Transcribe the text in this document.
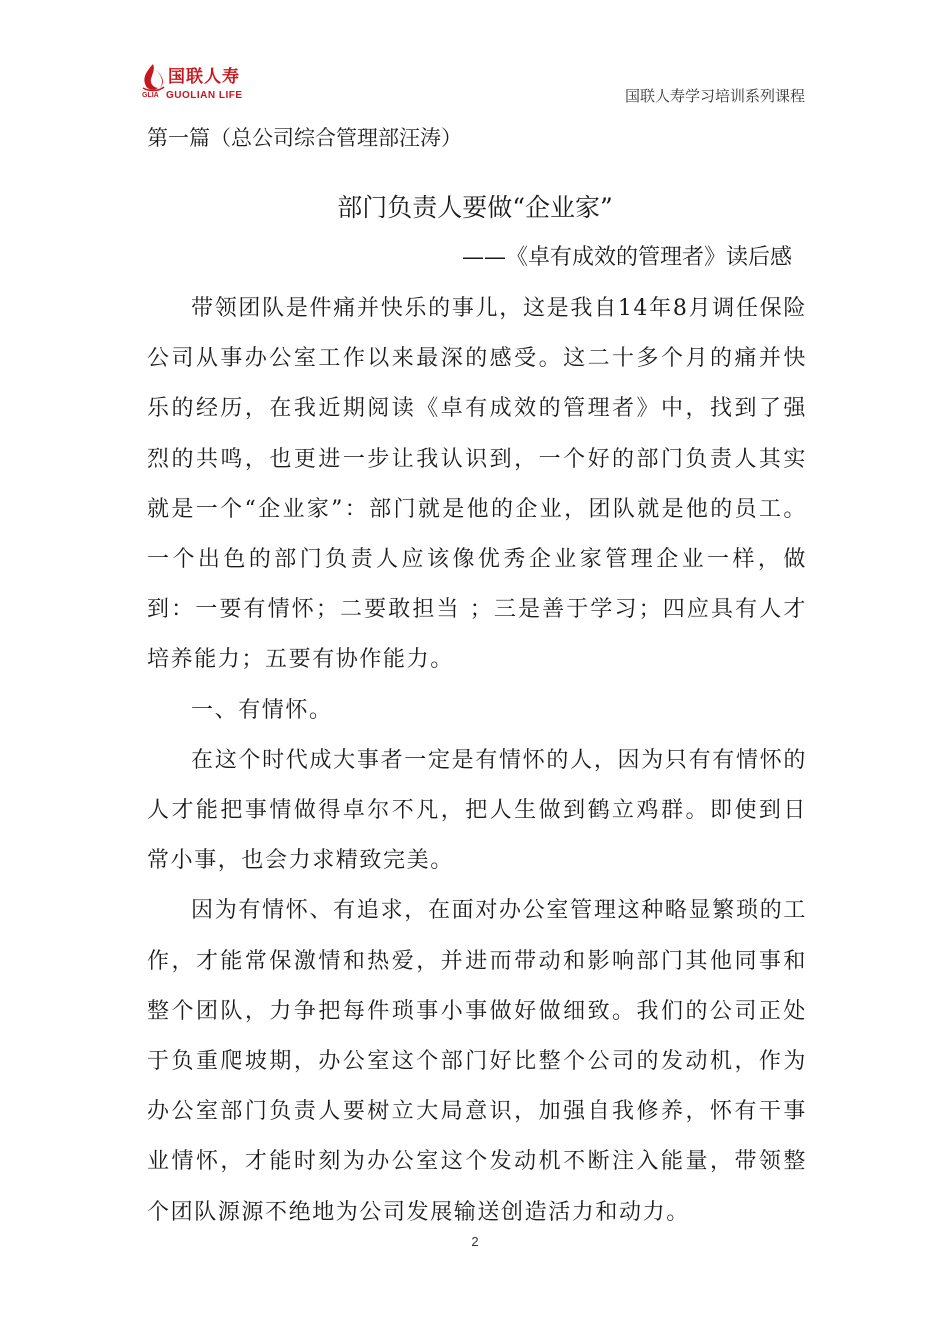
国联人寿
GLIA GUOLIAN LIFE	国联人寿学习培训系列课程
第一篇（总公司综合管理部汪涛）
部门负责人要做“企业家”
——《卓有成效的管理者》读后感

带领团队是件痛并快乐的事儿，这是我自14年8月调任保险公司从事办公室工作以来最深的感受。这二十多个月的痛并快乐的经历，在我近期阅读《卓有成效的管理者》中，找到了强烈的共鸣，也更进一步让我认识到，一个好的部门负责人其实就是一个“企业家”：部门就是他的企业，团队就是他的员工。一个出色的部门负责人应该像优秀企业家管理企业一样，做到：一要有情怀；二要敢担当 ；三是善于学习；四应具有人才培养能力；五要有协作能力。

一、有情怀。

在这个时代成大事者一定是有情怀的人，因为只有有情怀的人才能把事情做得卓尔不凡，把人生做到鹤立鸡群。即使到日常小事，也会力求精致完美。

因为有情怀、有追求，在面对办公室管理这种略显繁琐的工作，才能常保激情和热爱，并进而带动和影响部门其他同事和整个团队，力争把每件琐事小事做好做细致。我们的公司正处于负重爬坡期，办公室这个部门好比整个公司的发动机，作为办公室部门负责人要树立大局意识，加强自我修养，怀有干事业情怀，才能时刻为办公室这个发动机不断注入能量，带领整个团队源源不绝地为公司发展输送创造活力和动力。

2
